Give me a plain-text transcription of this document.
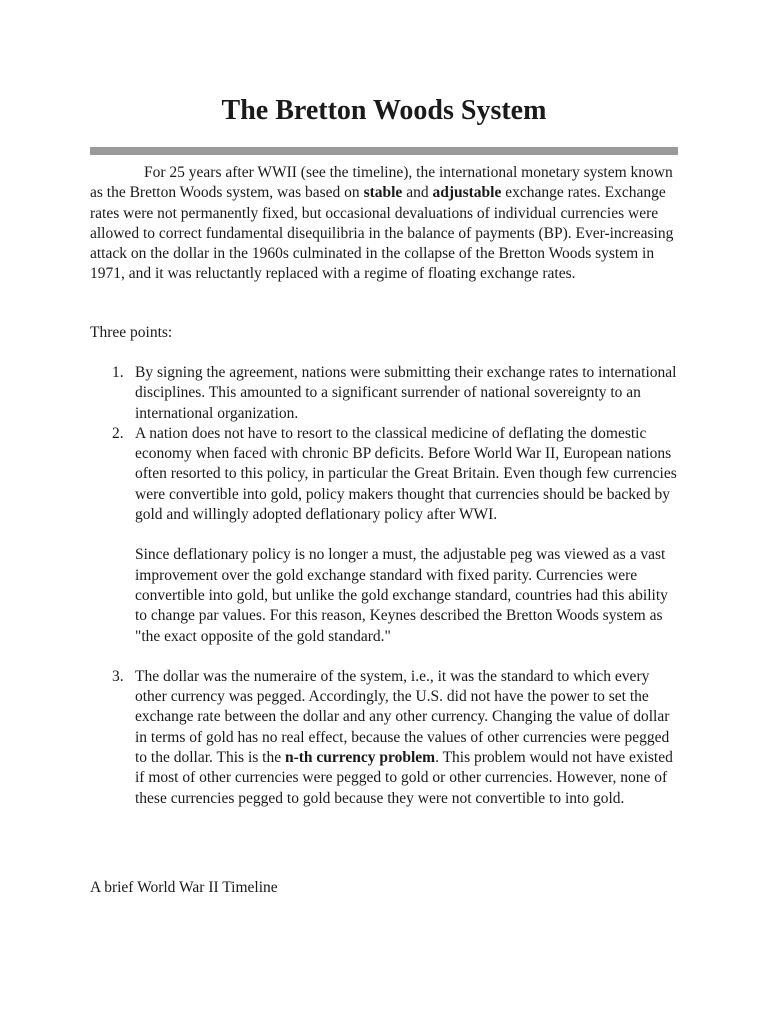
The Bretton Woods System

For 25 years after WWII (see the timeline), the international monetary system known as the Bretton Woods system, was based on stable and adjustable exchange rates. Exchange rates were not permanently fixed, but occasional devaluations of individual currencies were allowed to correct fundamental disequilibria in the balance of payments (BP). Ever-increasing attack on the dollar in the 1960s culminated in the collapse of the Bretton Woods system in 1971, and it was reluctantly replaced with a regime of floating exchange rates.

Three points:

1. By signing the agreement, nations were submitting their exchange rates to international disciplines. This amounted to a significant surrender of national sovereignty to an international organization.

2. A nation does not have to resort to the classical medicine of deflating the domestic economy when faced with chronic BP deficits. Before World War II, European nations often resorted to this policy, in particular the Great Britain. Even though few currencies were convertible into gold, policy makers thought that currencies should be backed by gold and willingly adopted deflationary policy after WWI.

Since deflationary policy is no longer a must, the adjustable peg was viewed as a vast improvement over the gold exchange standard with fixed parity. Currencies were convertible into gold, but unlike the gold exchange standard, countries had this ability to change par values. For this reason, Keynes described the Bretton Woods system as "the exact opposite of the gold standard."

3. The dollar was the numeraire of the system, i.e., it was the standard to which every other currency was pegged. Accordingly, the U.S. did not have the power to set the exchange rate between the dollar and any other currency. Changing the value of dollar in terms of gold has no real effect, because the values of other currencies were pegged to the dollar. This is the n-th currency problem. This problem would not have existed if most of other currencies were pegged to gold or other currencies. However, none of these currencies pegged to gold because they were not convertible to into gold.

A brief World War II Timeline
